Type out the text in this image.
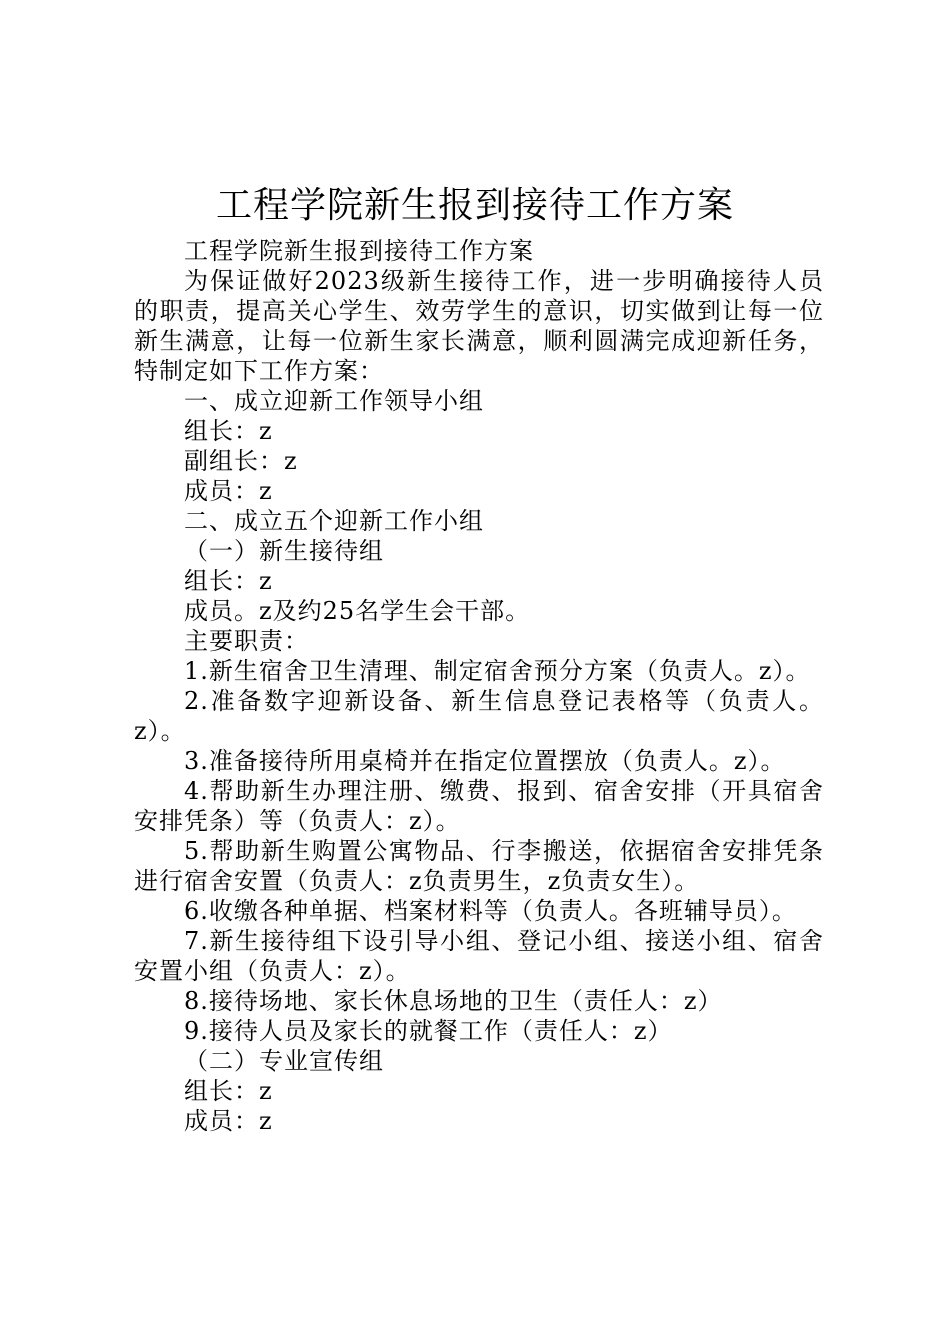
工程学院新生报到接待工作方案

工程学院新生报到接待工作方案

为保证做好2023级新生接待工作，进一步明确接待人员的职责，提高关心学生、效劳学生的意识，切实做到让每一位新生满意，让每一位新生家长满意，顺利圆满完成迎新任务，特制定如下工作方案：

一、成立迎新工作领导小组

组长：z

副组长：z

成员：z

二、成立五个迎新工作小组

（一）新生接待组

组长：z

成员。z及约25名学生会干部。

主要职责：

1.新生宿舍卫生清理、制定宿舍预分方案（负责人。z）。

2.准备数字迎新设备、新生信息登记表格等（负责人。z）。

3.准备接待所用桌椅并在指定位置摆放（负责人。z）。

4.帮助新生办理注册、缴费、报到、宿舍安排（开具宿舍安排凭条）等（负责人：z）。

5.帮助新生购置公寓物品、行李搬送，依据宿舍安排凭条进行宿舍安置（负责人：z负责男生，z负责女生）。

6.收缴各种单据、档案材料等（负责人。各班辅导员）。

7.新生接待组下设引导小组、登记小组、接送小组、宿舍安置小组（负责人：z）。

8.接待场地、家长休息场地的卫生（责任人：z）

9.接待人员及家长的就餐工作（责任人：z）

（二）专业宣传组

组长：z

成员：z
